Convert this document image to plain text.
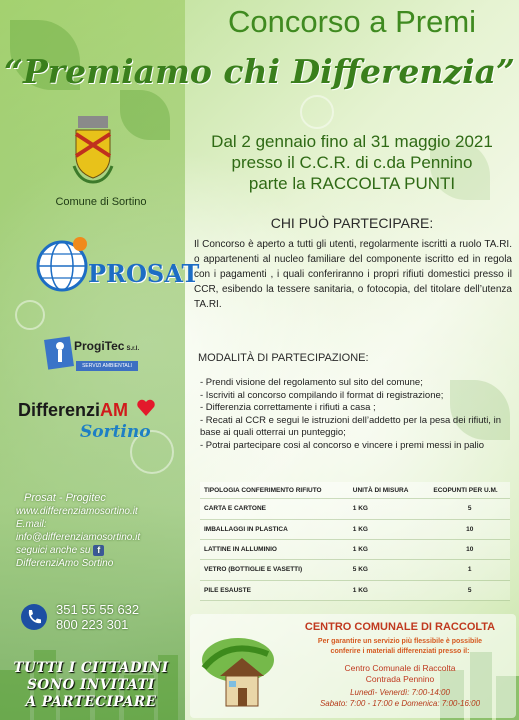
Concorso a Premi
“Premiamo chi Differenzia”
Comune di Sortino
PROSAT
ProgiTec S.r.l.
SERVIZI AMBIENTALI
DifferenziAM
Sortino
Prosat - Progitec
www.differenziamosortino.it
E.mail:
info@differenziamosortino.it
seguici anche su f
DifferenziAmo Sortino
351 55 55 632
800 223 301
TUTTI I CITTADINI
SONO INVITATI
A PARTECIPARE
Dal 2 gennaio fino al 31 maggio 2021
presso il C.C.R. di c.da Pennino
parte la RACCOLTA PUNTI
CHI PUÒ PARTECIPARE:
Il Concorso è aperto a tutti gli utenti, regolarmente iscritti a ruolo TA.RI. o appartenenti al nucleo familiare del componente iscritto ed in regola con i pagamenti , i quali conferiranno i propri rifiuti domestici presso il CCR, esibendo la tessere sanitaria, o fotocopia, del titolare dell’utenza TA.RI.
MODALITÀ DI PARTECIPAZIONE:
- Prendi visione del regolamento sul sito del comune;
- Iscriviti al concorso compilando il format di registrazione;
- Differenzia correttamente i rifiuti a casa ;
- Recati al CCR e segui le istruzioni dell’addetto per la pesa dei rifiuti, in base ai quali otterrai un punteggio;
- Potrai partecipare cosi al concorso e vincere i premi messi in palio
TIPOLOGIA CONFERIMENTO RIFIUTO	UNITÀ DI MISURA	ECOPUNTI PER U.M.
CARTA E CARTONE	1 KG	5
IMBALLAGGI IN PLASTICA	1 KG	10
LATTINE IN ALLUMINIO	1 KG	10
VETRO (BOTTIGLIE E VASETTI)	5 KG	1
PILE ESAUSTE	1 KG	5
CENTRO COMUNALE DI RACCOLTA
Per garantire un servizio più flessibile è possibile
conferire i materiali differenziati presso il:
Centro Comunale di Raccolta
Contrada Pennino
Lunedì- Venerdì: 7:00-14:00
Sabato: 7:00 - 17:00 e Domenica: 7:00-16:00
